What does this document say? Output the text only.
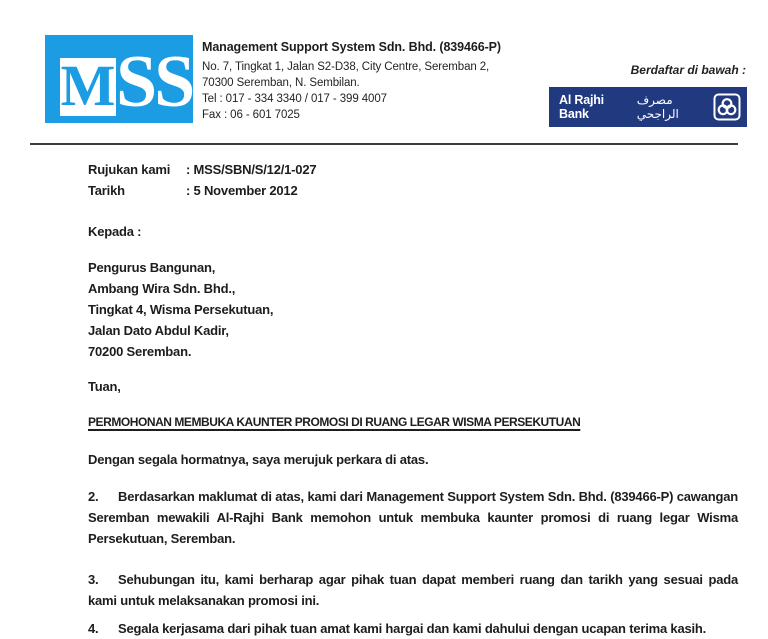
M SS Management Support System Sdn. Bhd. (839466-P)
No. 7, Tingkat 1, Jalan S2-D38, City Centre, Seremban 2,
70300 Seremban, N. Sembilan.
Tel : 017 - 334 3340 / 017 - 399 4007
Fax : 06 - 601 7025
Berdaftar di bawah :
Al Rajhi Bank
مصرف الراجحي
Rujukan kami : MSS/SBN/S/12/1-027
Tarikh	: 5 November 2012
Kepada :
Pengurus Bangunan,
Ambang Wira Sdn. Bhd.,
Tingkat 4, Wisma Persekutuan,
Jalan Dato Abdul Kadir,
70200 Seremban.
Tuan,
PERMOHONAN MEMBUKA KAUNTER PROMOSI DI RUANG LEGAR WISMA PERSEKUTUAN
Dengan segala hormatnya, saya merujuk perkara di atas.
2. Berdasarkan maklumat di atas, kami dari Management Support System Sdn. Bhd. (839466-P) cawangan Seremban mewakili Al-Rajhi Bank memohon untuk membuka kaunter promosi di ruang legar Wisma Persekutuan, Seremban.
3. Sehubungan itu, kami berharap agar pihak tuan dapat memberi ruang dan tarikh yang sesuai pada kami untuk melaksanakan promosi ini.
4. Segala kerjasama dari pihak tuan amat kami hargai dan kami dahului dengan ucapan terima kasih.
